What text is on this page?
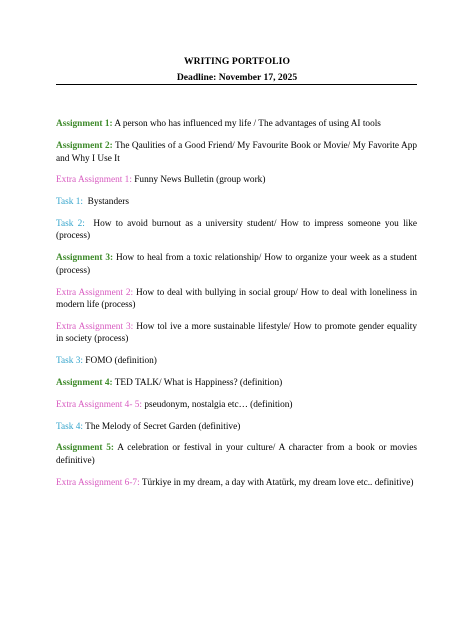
WRITING PORTFOLIO
Deadline: November 17, 2025

Assignment 1: A person who has influenced my life / The advantages of using AI tools

Assignment 2: The Qaulities of a Good Friend/ My Favourite Book or Movie/ My Favorite App and Why I Use It

Extra Assignment 1: Funny News Bulletin (group work)

Task 1:  Bystanders

Task 2:  How to avoid burnout as a university student/ How to impress someone you like (process)

Assignment 3: How to heal from a toxic relationship/ How to organize your week as a student (process)

Extra Assignment 2: How to deal with bullying in social group/ How to deal with loneliness in modern life (process)

Extra Assignment 3: How tol ive a more sustainable lifestyle/ How to promote gender equality in society (process)

Task 3: FOMO (definition)

Assignment 4: TED TALK/ What is Happiness? (definition)

Extra Assignment 4- 5: pseudonym, nostalgia etc… (definition)

Task 4: The Melody of Secret Garden (definitive)

Assignment 5: A celebration or festival in your culture/ A character from a book or movies definitive)

Extra Assignment 6-7: Türkiye in my dream, a day with Atatürk, my dream love etc.. definitive)
